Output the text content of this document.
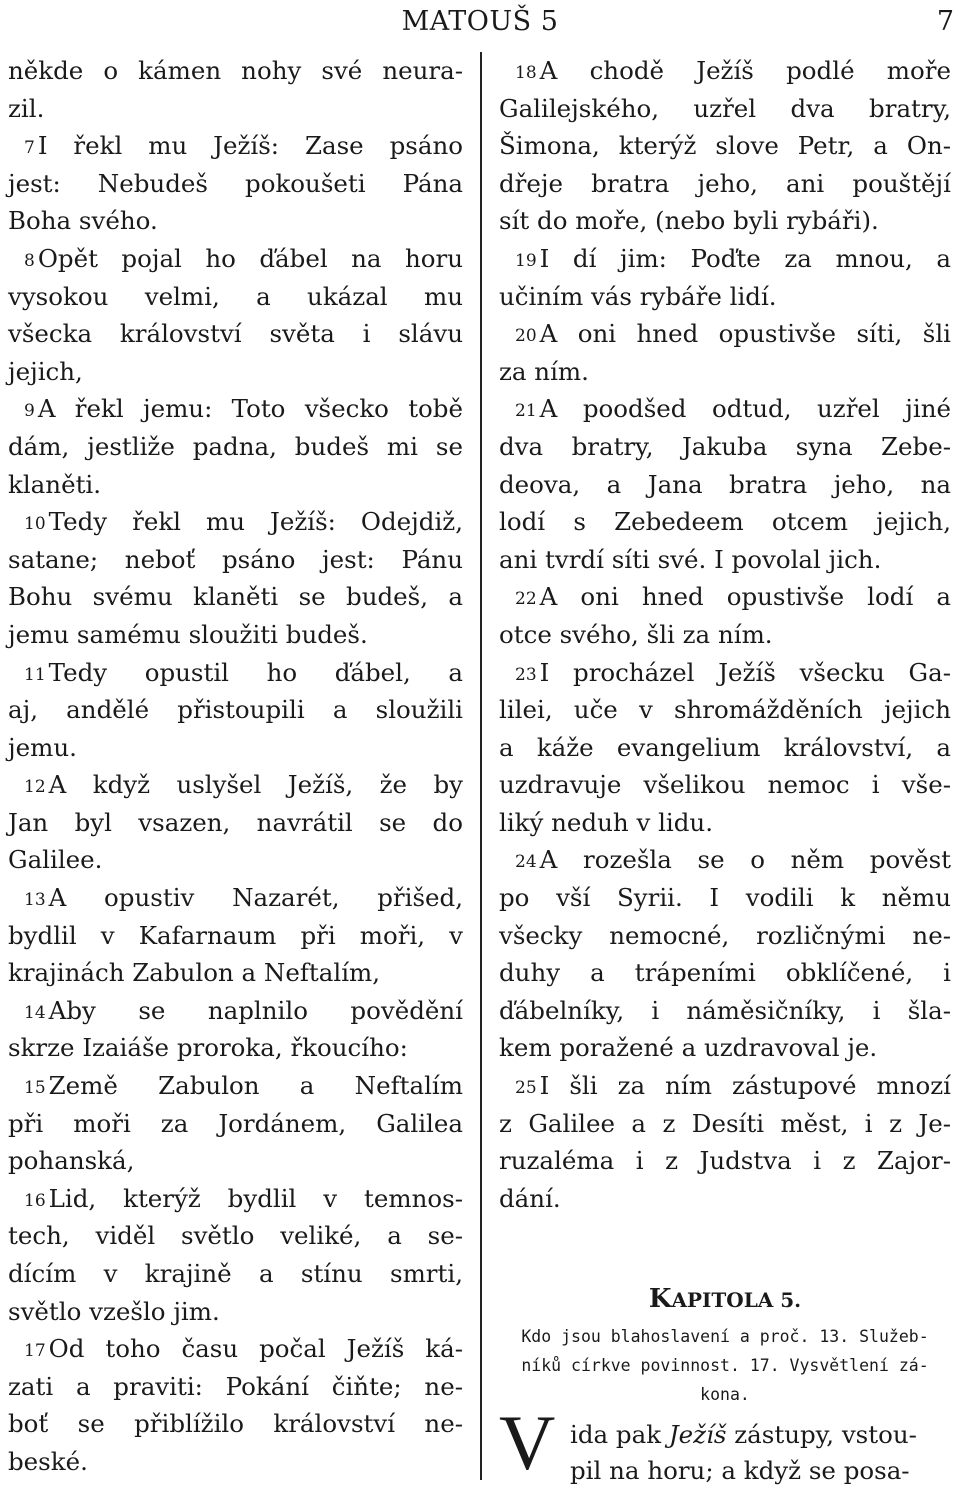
MATOUŠ 5	7
někde o kámen nohy své neura-
zil.
7 I řekl mu Ježíš: Zase psáno
jest: Nebudeš pokoušeti Pána
Boha svého.
8 Opět pojal ho ďábel na horu
vysokou velmi, a ukázal mu
všecka království světa i slávu
jejich,
9 A řekl jemu: Toto všecko tobě
dám, jestliže padna, budeš mi se
klaněti.
10 Tedy řekl mu Ježíš: Odejdiž,
satane; neboť psáno jest: Pánu
Bohu svému klaněti se budeš, a
jemu samému sloužiti budeš.
11 Tedy opustil ho ďábel, a
aj, andělé přistoupili a sloužili
jemu.
12 A když uslyšel Ježíš, že by
Jan byl vsazen, navrátil se do
Galilee.
13 A opustiv Nazarét, přišed,
bydlil v Kafarnaum při moři, v
krajinách Zabulon a Neftalím,
14 Aby se naplnilo povědění
skrze Izaiáše proroka, řkoucího:
15 Země Zabulon a Neftalím
při moři za Jordánem, Galilea
pohanská,
16 Lid, kterýž bydlil v temnos-
tech, viděl světlo veliké, a se-
dícím v krajině a stínu smrti,
světlo vzešlo jim.
17 Od toho času počal Ježíš ká-
zati a praviti: Pokání čiňte; ne-
boť se přiblížilo království ne-
beské.
18 A chodě Ježíš podlé moře
Galilejského, uzřel dva bratry,
Šimona, kterýž slove Petr, a On-
dřeje bratra jeho, ani pouštějí
sít do moře, (nebo byli rybáři).
19 I dí jim: Poďte za mnou, a
učiním vás rybáře lidí.
20 A oni hned opustivše síti, šli
za ním.
21 A poodšed odtud, uzřel jiné
dva bratry, Jakuba syna Zebe-
deova, a Jana bratra jeho, na
lodí s Zebedeem otcem jejich,
ani tvrdí síti své. I povolal jich.
22 A oni hned opustivše lodí a
otce svého, šli za ním.
23 I procházel Ježíš všecku Ga-
lilei, uče v shromážděních jejich
a káže evangelium království, a
uzdravuje všelikou nemoc i vše-
liký neduh v lidu.
24 A rozešla se o něm pověst
po vší Syrii. I vodili k němu
všecky nemocné, rozličnými ne-
duhy a trápeními obklíčené, i
ďábelníky, i náměsičníky, i šla-
kem poražené a uzdravoval je.
25 I šli za ním zástupové mnozí
z Galilee a z Desíti měst, i z Je-
ruzaléma i z Judstva i z Zajor-
dání.
KAPITOLA 5.
Kdo jsou blahoslavení a proč. 13. Služeb-
níků církve povinnost. 17. Vysvětlení zá-
kona.
V ida pak Ježíš zástupy, vstou-
pil na horu; a když se posa-
